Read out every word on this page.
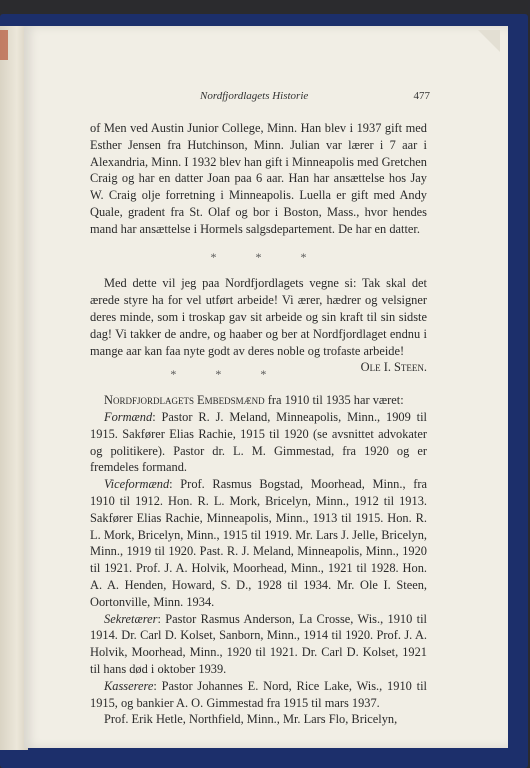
Nordfjordlagets Historie	477

of Men ved Austin Junior College, Minn. Han blev i 1937 gift med Esther Jensen fra Hutchinson, Minn. Julian var lærer i 7 aar i Alexandria, Minn. I 1932 blev han gift i Minneapolis med Gretchen Craig og har en datter Joan paa 6 aar. Han har ansættelse hos Jay W. Craig olje forretning i Minneapolis. Luella er gift med Andy Quale, gradent fra St. Olaf og bor i Boston, Mass., hvor hendes mand har ansættelse i Hormels salgsdepartement. De har en datter.

* * *

Med dette vil jeg paa Nordfjordlagets vegne si: Tak skal det ærede styre ha for vel utført arbeide! Vi ærer, hædrer og velsigner deres minde, som i troskap gav sit arbeide og sin kraft til sin sidste dag! Vi takker de andre, og haaber og ber at Nordfjordlaget endnu i mange aar kan faa nyte godt av deres noble og trofaste arbeide!
Ole I. Steen.

* * *

Nordfjordlagets Embedsmænd fra 1910 til 1935 har været:

Formænd: Pastor R. J. Meland, Minneapolis, Minn., 1909 til 1915. Sakfører Elias Rachie, 1915 til 1920 (se avsnittet advokater og politikere). Pastor dr. L. M. Gimmestad, fra 1920 og er fremdeles formand.

Viceformænd: Prof. Rasmus Bogstad, Moorhead, Minn., fra 1910 til 1912. Hon. R. L. Mork, Bricelyn, Minn., 1912 til 1913. Sakfører Elias Rachie, Minneapolis, Minn., 1913 til 1915. Hon. R. L. Mork, Bricelyn, Minn., 1915 til 1919. Mr. Lars J. Jelle, Bricelyn, Minn., 1919 til 1920. Past. R. J. Meland, Minneapolis, Minn., 1920 til 1921. Prof. J. A. Holvik, Moorhead, Minn., 1921 til 1928. Hon. A. A. Henden, Howard, S. D., 1928 til 1934. Mr. Ole I. Steen, Oortonville, Minn. 1934.

Sekretærer: Pastor Rasmus Anderson, La Crosse, Wis., 1910 til 1914. Dr. Carl D. Kolset, Sanborn, Minn., 1914 til 1920. Prof. J. A. Holvik, Moorhead, Minn., 1920 til 1921. Dr. Carl D. Kolset, 1921 til hans død i oktober 1939.

Kasserere: Pastor Johannes E. Nord, Rice Lake, Wis., 1910 til 1915, og bankier A. O. Gimmestad fra 1915 til mars 1937.

Prof. Erik Hetle, Northfield, Minn., Mr. Lars Flo, Bricelyn,
